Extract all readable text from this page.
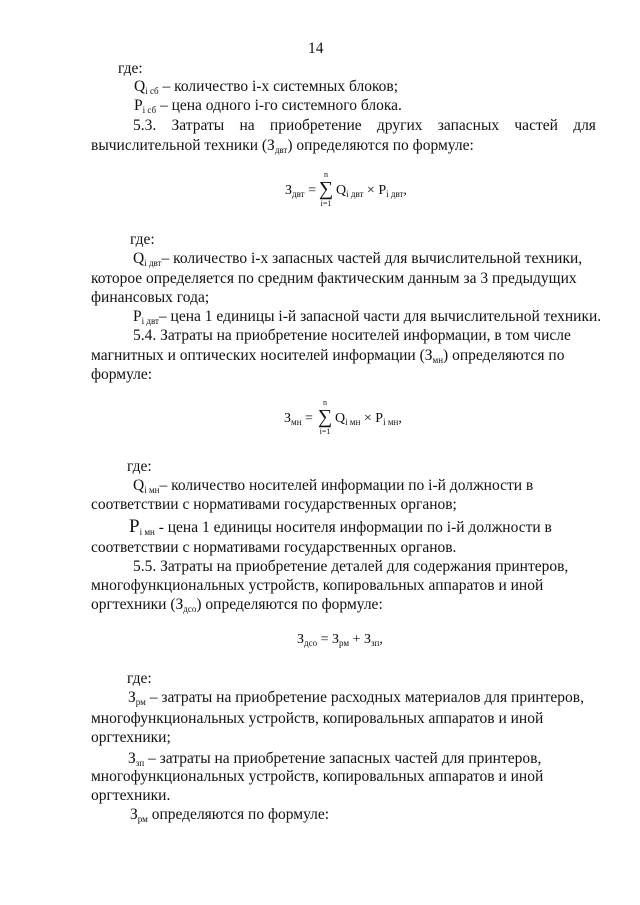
14
где:
$Q_{i сб}$ – количество i-х системных блоков;
$P_{i сб}$ – цена одного i-го системного блока.
5.3. Затраты на приобретение других запасных частей для
вычислительной техники $(З_{двт})$ определяются по формуле:
$З_{двт}$ =
n
∑
i=1
$Q_{i двт} \times P_{i двт}$,
где:
$Q_{i двт}-$ количество i-х запасных частей для вычислительной техники,
которое определяется по средним фактическим данным за 3 предыдущих
финансовых года;
$P_{i двт}-$ цена 1 единицы i-й запасной части для вычислительной техники.
5.4. Затраты на приобретение носителей информации, в том числе
магнитных и оптических носителей информации $(З_{мн})$ определяются по
формуле:
$З_{мн}$ =
n
∑
i=1
$Q_{i мн} \times P_{i мн}$,
где:
$Q_{i мн}-$ количество носителей информации по i-й должности в
соответствии с нормативами государственных органов;
$P_{i мн}$ - цена 1 единицы носителя информации по i-й должности в
соответствии с нормативами государственных органов.
5.5. Затраты на приобретение деталей для содержания принтеров,
многофункциональных устройств, копировальных аппаратов и иной
оргтехники $(З_{дсо})$ определяются по формуле:
$З_{дсо} = З_{рм} + З_{зп}$,
где:
$З_{рм}$ – затраты на приобретение расходных материалов для принтеров,
многофункциональных устройств, копировальных аппаратов и иной
оргтехники;
$З_{зп}$ – затраты на приобретение запасных частей для принтеров,
многофункциональных устройств, копировальных аппаратов и иной
оргтехники.
$З_{рм}$ определяются по формуле:
